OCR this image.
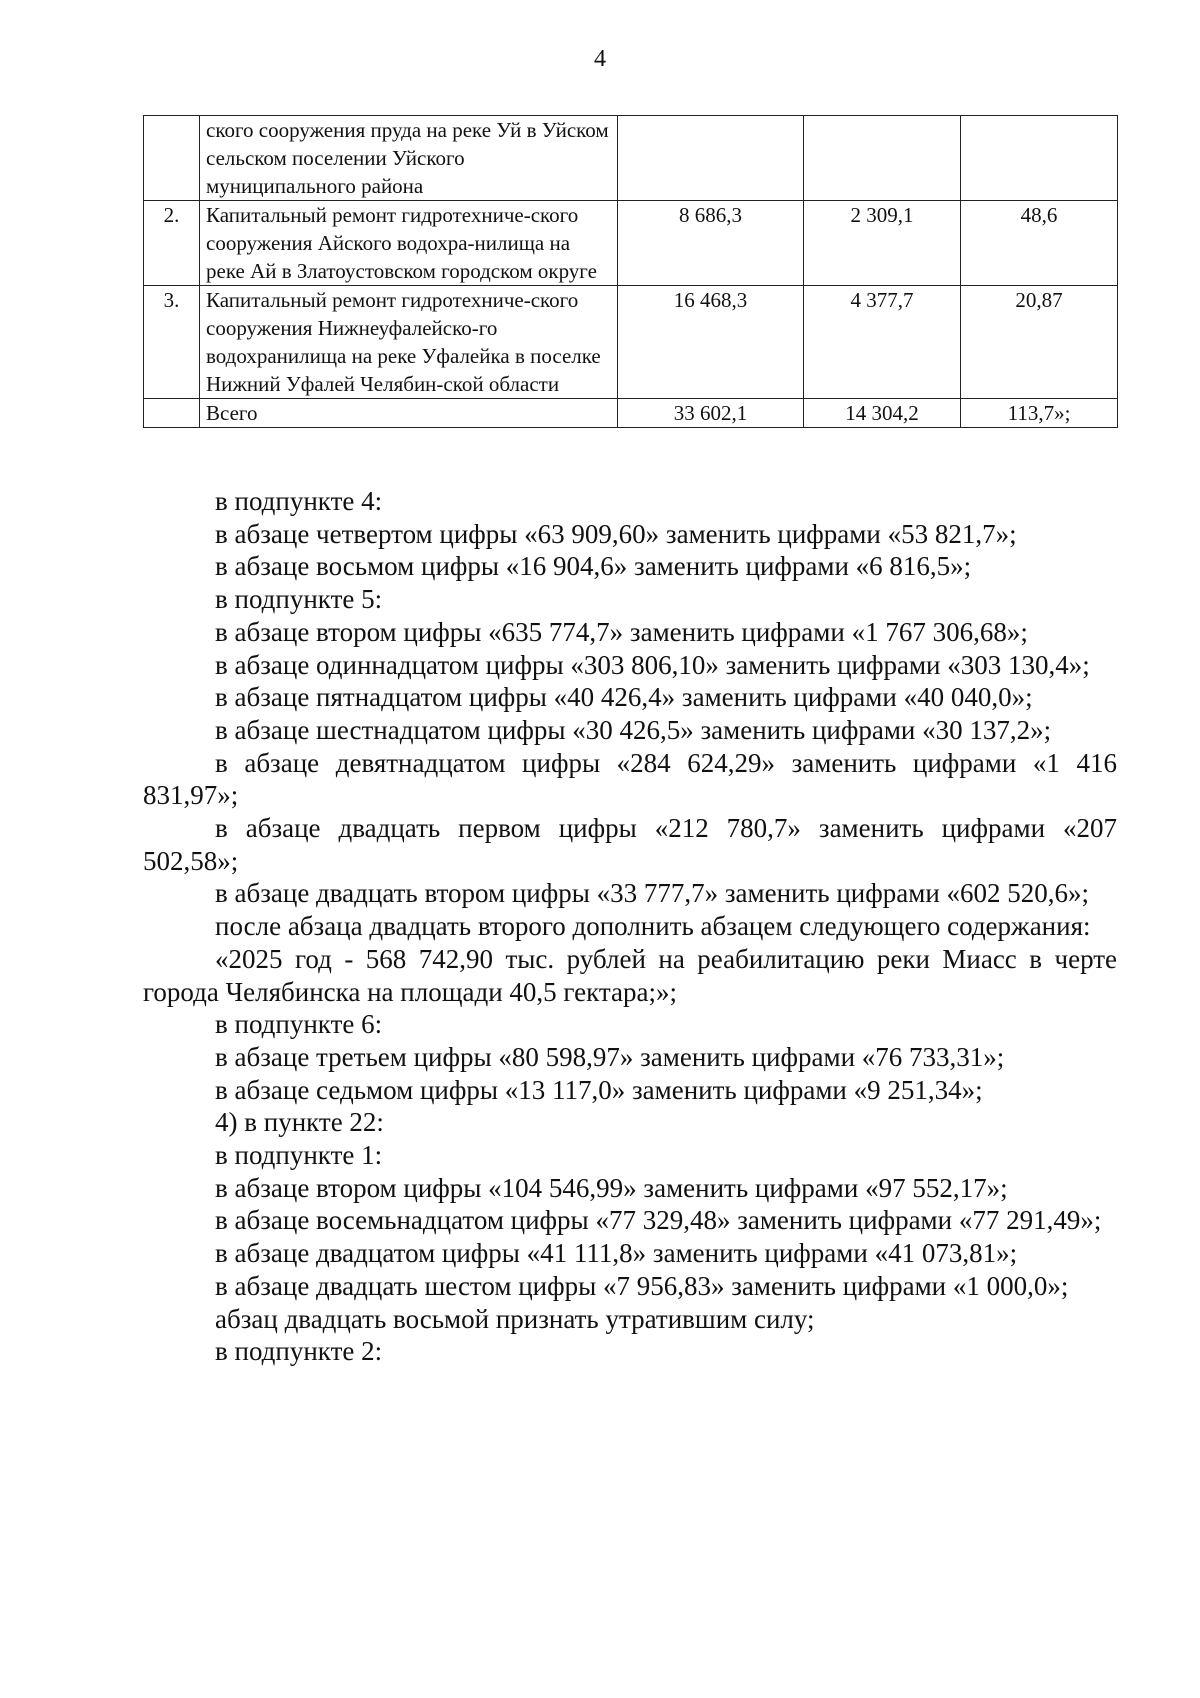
4
	ского сооружения пруда на реке Уй в Уйском сельском поселении Уйского муниципального района			
2.	Капитальный ремонт гидротехниче-ского сооружения Айского водохра-нилища на реке Ай в Златоустовском городском округе	8 686,3	2 309,1	48,6
3.	Капитальный ремонт гидротехниче-ского сооружения Нижнеуфалейско-го водохранилища на реке Уфалейка в поселке Нижний Уфалей Челябин-ской области	16 468,3	4 377,7	20,87
	Всего	33 602,1	14 304,2	113,7»;

в подпункте 4:

в абзаце четвертом цифры «63 909,60» заменить цифрами «53 821,7»;

в абзаце восьмом цифры «16 904,6» заменить цифрами «6 816,5»;

в подпункте 5:

в абзаце втором цифры «635 774,7» заменить цифрами «1 767 306,68»;

в абзаце одиннадцатом цифры «303 806,10» заменить цифрами «303 130,4»;

в абзаце пятнадцатом цифры «40 426,4» заменить цифрами «40 040,0»;

в абзаце шестнадцатом цифры «30 426,5» заменить цифрами «30 137,2»;

в абзаце девятнадцатом цифры «284 624,29» заменить цифрами «1 416 831,97»;

в абзаце двадцать первом цифры «212 780,7» заменить цифрами «207 502,58»;

в абзаце двадцать втором цифры «33 777,7» заменить цифрами «602 520,6»;

после абзаца двадцать второго дополнить абзацем следующего содержания:

«2025 год - 568 742,90 тыс. рублей на реабилитацию реки Миасс в черте города Челябинска на площади 40,5 гектара;»;

в подпункте 6:

в абзаце третьем цифры «80 598,97» заменить цифрами «76 733,31»;

в абзаце седьмом цифры «13 117,0» заменить цифрами «9 251,34»;

4) в пункте 22:

в подпункте 1:

в абзаце втором цифры «104 546,99» заменить цифрами «97 552,17»;

в абзаце восемьнадцатом цифры «77 329,48» заменить цифрами «77 291,49»;

в абзаце двадцатом цифры «41 111,8» заменить цифрами «41 073,81»;

в абзаце двадцать шестом цифры «7 956,83» заменить цифрами «1 000,0»;

абзац двадцать восьмой признать утратившим силу;

в подпункте 2:
